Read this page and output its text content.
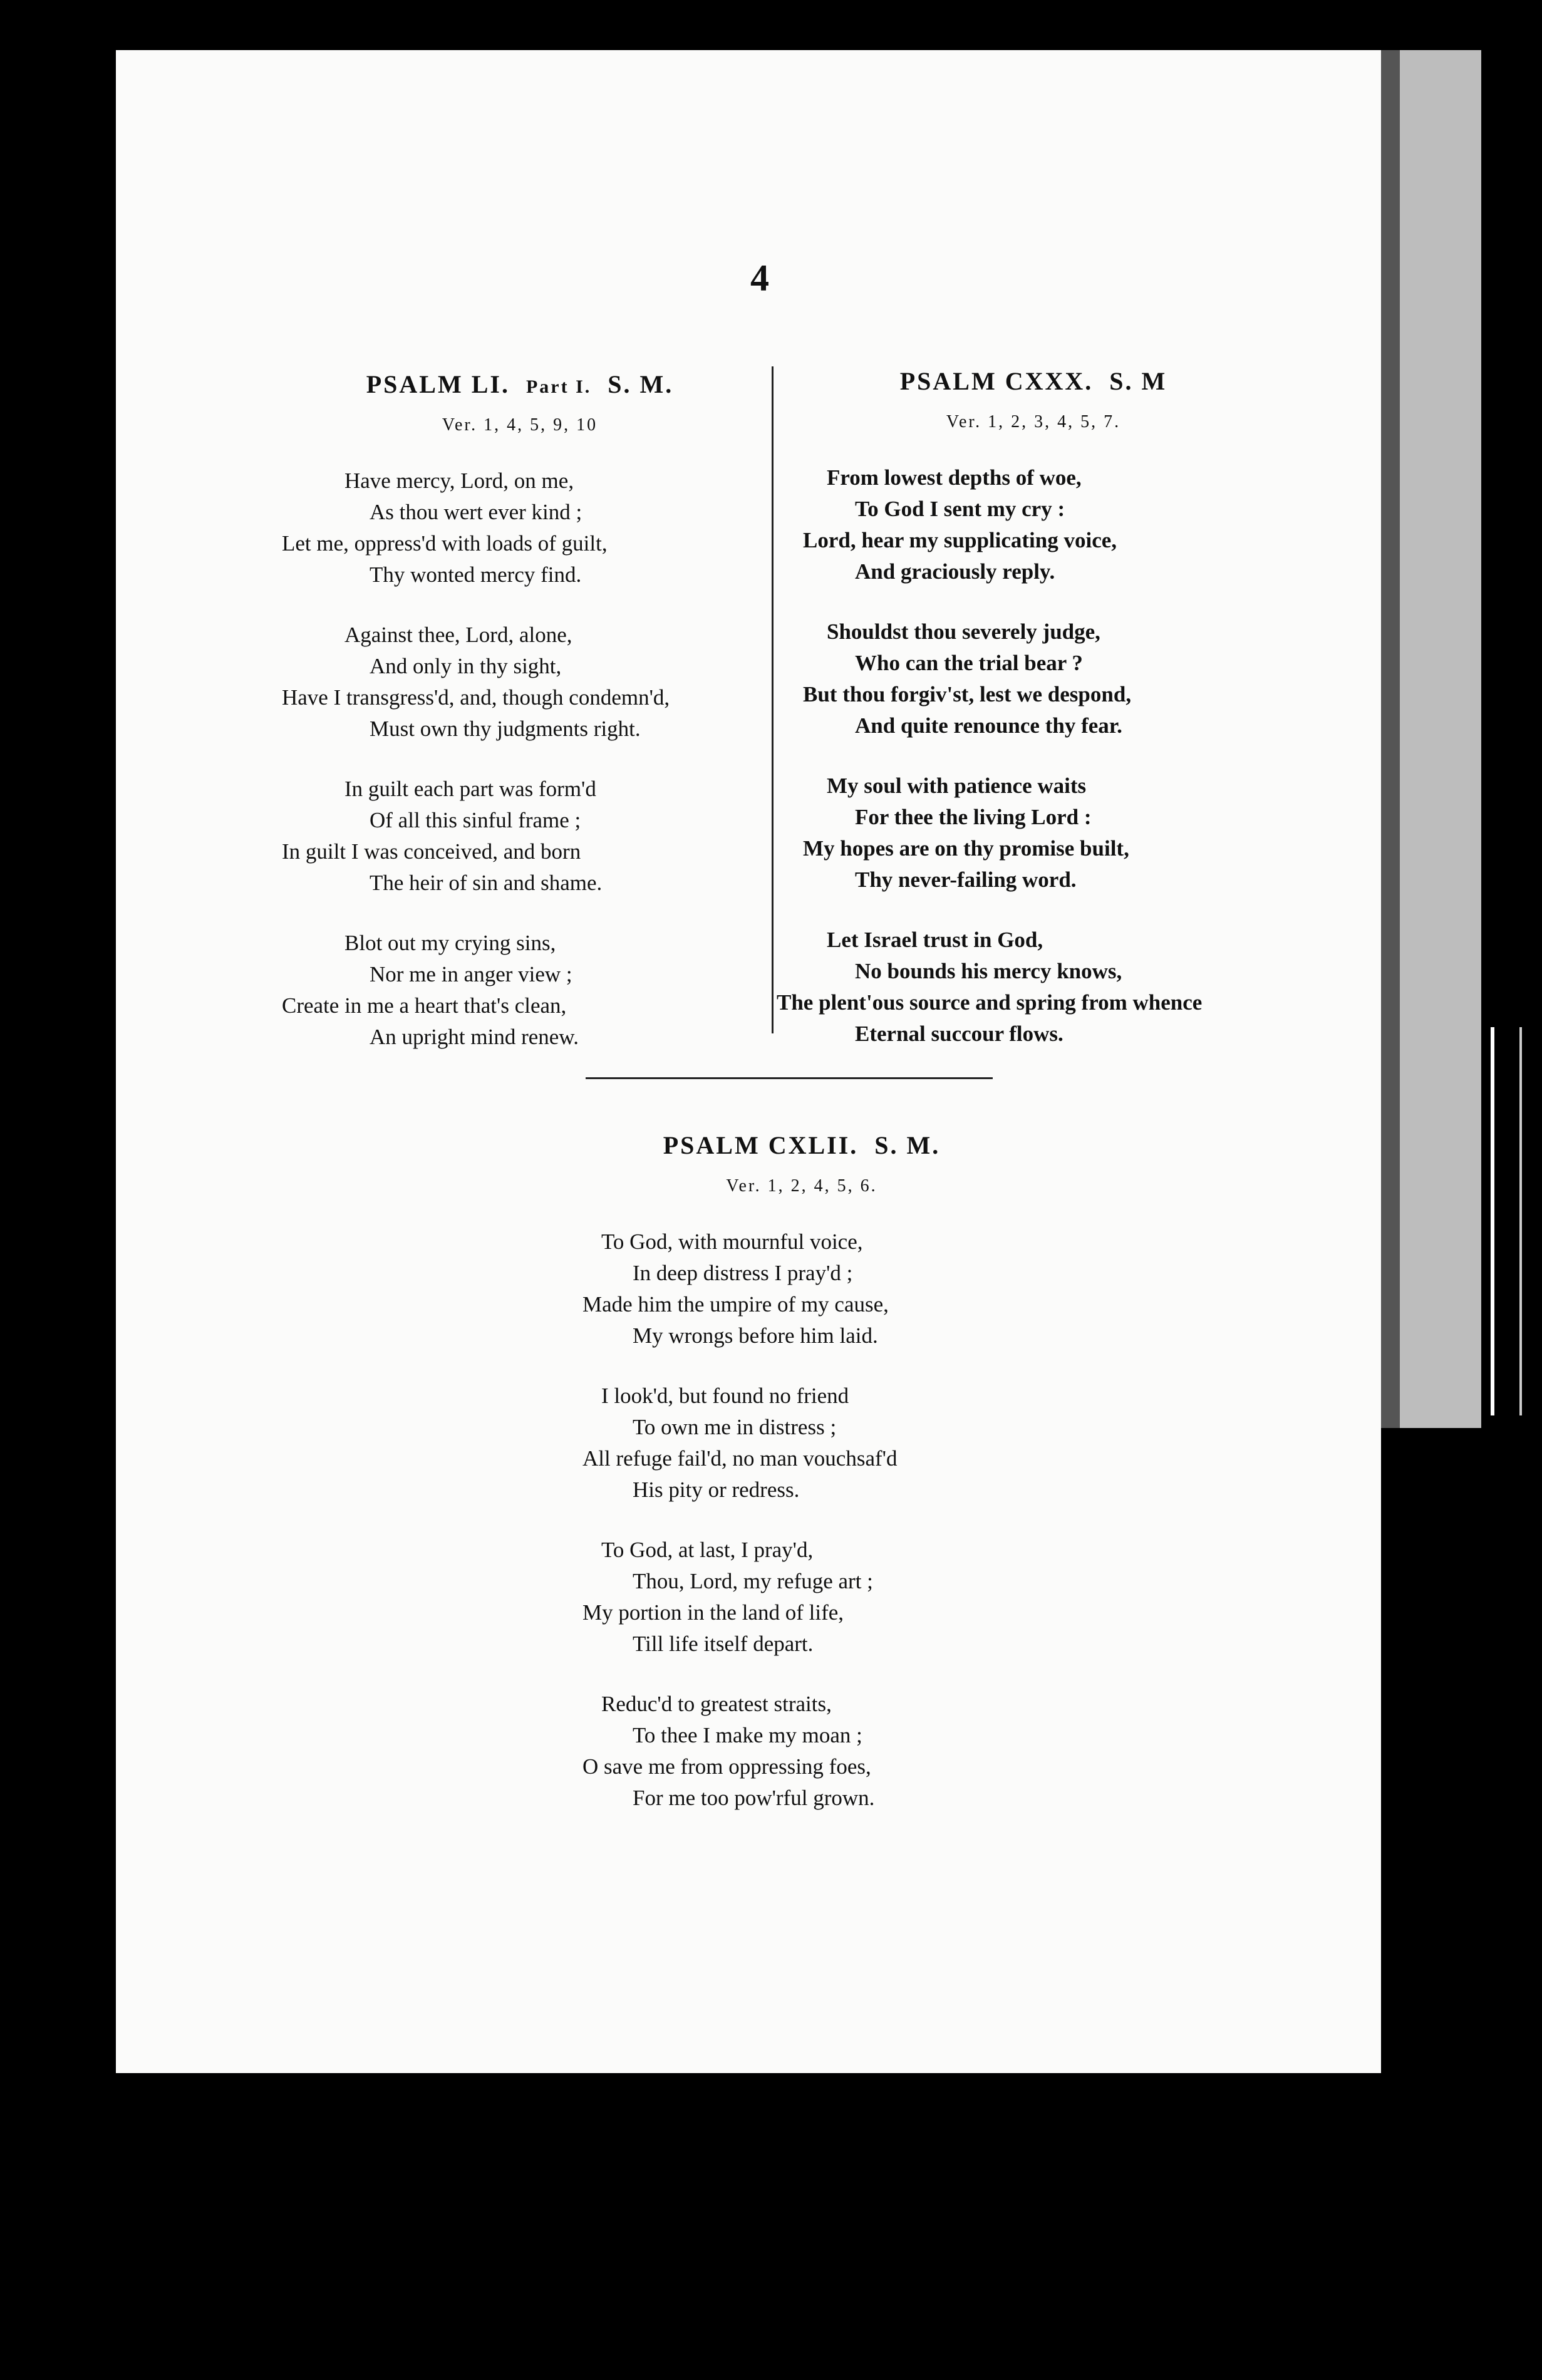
4
PSALM LI. Part I. S. M.
Ver. 1, 4, 5, 9, 10
Have mercy, Lord, on me,
As thou wert ever kind ;
Let me, oppress'd with loads of guilt,
Thy wonted mercy find.
Against thee, Lord, alone,
And only in thy sight,
Have I transgress'd, and, though condemn'd,
Must own thy judgments right.
In guilt each part was form'd
Of all this sinful frame ;
In guilt I was conceived, and born
The heir of sin and shame.
Blot out my crying sins,
Nor me in anger view ;
Create in me a heart that's clean,
An upright mind renew.
PSALM CXXX. S. M
Ver. 1, 2, 3, 4, 5, 7.
From lowest depths of woe,
To God I sent my cry :
Lord, hear my supplicating voice,
And graciously reply.
Shouldst thou severely judge,
Who can the trial bear ?
But thou forgiv'st, lest we despond,
And quite renounce thy fear.
My soul with patience waits
For thee the living Lord :
My hopes are on thy promise built,
Thy never-failing word.
Let Israel trust in God,
No bounds his mercy knows,
The plent'ous source and spring from whence
Eternal succour flows.
PSALM CXLII. S. M.
Ver. 1, 2, 4, 5, 6.
To God, with mournful voice,
In deep distress I pray'd ;
Made him the umpire of my cause,
My wrongs before him laid.
I look'd, but found no friend
To own me in distress ;
All refuge fail'd, no man vouchsaf'd
His pity or redress.
To God, at last, I pray'd,
Thou, Lord, my refuge art ;
My portion in the land of life,
Till life itself depart.
Reduc'd to greatest straits,
To thee I make my moan ;
O save me from oppressing foes,
For me too pow'rful grown.
